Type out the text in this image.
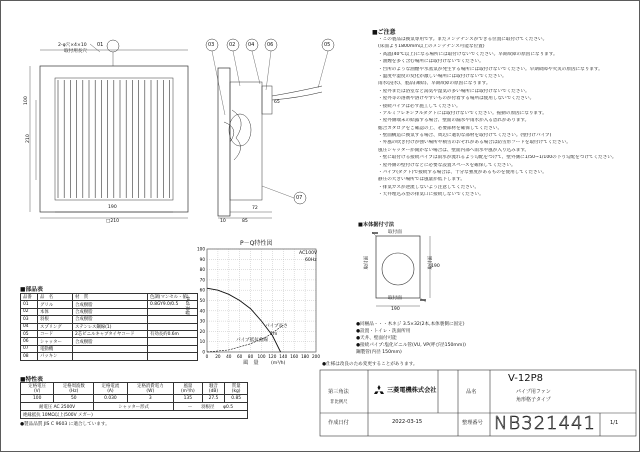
0 20 40 60 80 100 120 140 160 180 200
0
10
20
30
40
50
60
70
80
90
100
01
2-φ穴×4×10
取付用長穴
190
□210
100
210
03	02	04	06	05
07
85
72
65
10
■ご注意
・この製品は換気専用です。またメンテナンスができる位置に取付けてください。
(床面より1800mm以上のメンテナンス可能な位置)
・高温(40℃以上)になる場所には取付けないでください。早期故障の原因になります。
・油煙を多く含む場所には取付けないでください。
・台所のような油煙や水蒸気が発生する場所には取付けないでください。早期故障や火災の原因になります。
・温度や湿度の変化が激しい場所には取付けないでください。
雨水(浸水)、製品(凍結)、早期故障の原因になります。
・屋外または浴室など湯気や湿気の多い場所には取付けないでください。
・屋外等の溶剤や溶けやすいものが付着する場所は使用しないでください。
・接続パイプは必ず施工してください。
・アルミフレキシブルダクトには取付けないでください。振動の原因になります。
・屋外側端末の結露する場合、壁面の漏水や雨水が入る恐れがあります。
総合カタログをご確認の上、必要部材を確保してください。
・壁面構造に換気する場合、周辺に適切な部材を取付けてください。(壁付けパイプ)
・外風の吹き付けが強い場所や積雪のおそれがある場合は防雪形フードを取付けてください。
風圧シャッターが開かない場合は、壁面内部へ雨水や風が入り込みます。
・壁に取付ける接続パイプは雨水が流れるよう勾配をつけて、壁外側に1/50~1/100の下り勾配をつけてください。
・屋外側の壁付けなどに必要な設置スペースを確保してください。
・パイプ(ダクト)で接続する場合は、十分な強度があるものを使用してください。
静圧の大きい場所では風量が低下します。
・排気ガスが逆流しないよう注意してください。
・天井埋込み型の排気口に接続しないでください。
P－Q特性図
AC100V
60Hz
静圧(Pa)
風　量	(m³/h)
パイプ長さ
1m
パイプ抵抗曲線
■部品表
品番	品　名	材　質	色調(マンセル・値)
01	グリル	合成樹脂	0.8GY9.0/0.5
02	本体	合成樹脂	
03	羽根	合成樹脂	
04	スプリング	ステンレス鋼線(1)	
05	コード	2芯ビニルキャブタイヤコード	有効長約0.6m
06	シャッター	合成樹脂	
07	電動機		
08	パッキン		
■特性表
定格電圧
(V)	定格周波数
(Hz)	定格電流
(A)	定格消費電力
(W)	風量
(m³/h)	騒音
(dB)	質量
(kg)
100	50	0.030	3	135	27.5	0.85
耐電圧 AC 2500V		シャッター形式		ー　　羽根径　　φ0.5		
絶縁抵抗 10MΩ以上(500V メガー)						
●製品品質 JIS C 9603 に適合しています。
■本体据付寸法
取付面
取付面	取付面
取付面
190
190
●同梱品・・・木ネジ 3.5×32(2本,本体裏側に固定)
●設置・トイレ・洗面所用
●天井、壁面付可能
●接続パイプ:塩化ビニル管(VU, VP(呼び径150mm))
鋼製管(内径 150mm)
●仕様は改良のため変更することがあります。
第三角法
非比例尺
三菱電機株式会社	品名
V-12P8
パイプ用ファン
角形格子タイプ
作成日付	2022-03-15	整理番号 NB321441	1/1
